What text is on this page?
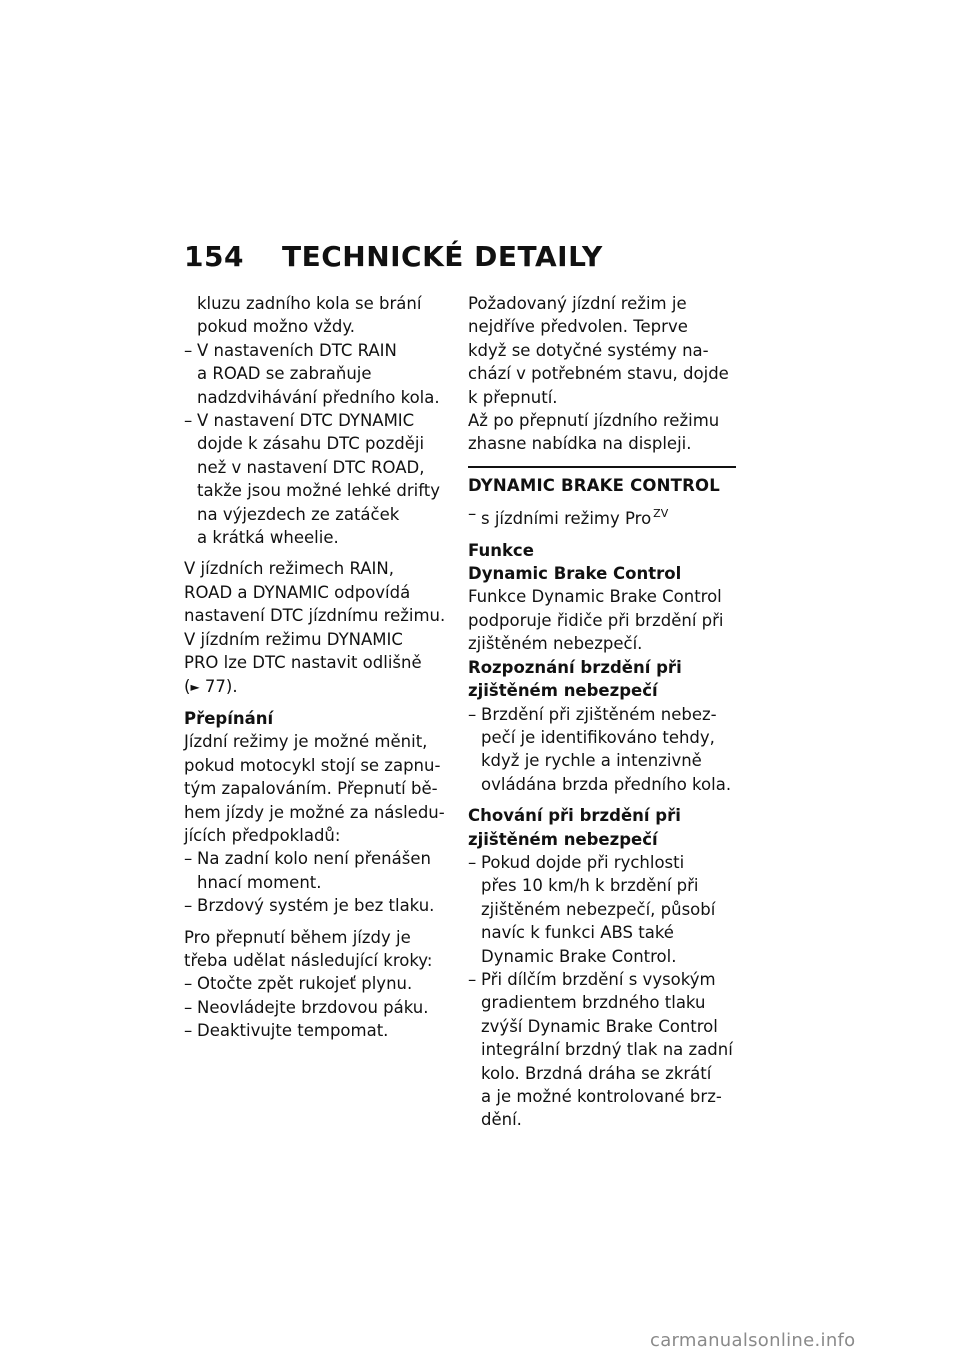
154 TECHNICKÉ DETAILY
kluzu zadního kola se brání
pokud možno vždy.
– V nastaveních DTC RAIN
a ROAD se zabraňuje
nadzdvihávání předního kola.
– V nastavení DTC DYNAMIC
dojde k zásahu DTC později
než v nastavení DTC ROAD,
takže jsou možné lehké drifty
na výjezdech ze zatáček
a krátká wheelie.
V jízdních režimech RAIN,
ROAD a DYNAMIC odpovídá
nastavení DTC jízdnímu režimu.
V jízdním režimu DYNAMIC
PRO lze DTC nastavit odlišně
(► 77).
Přepínání
Jízdní režimy je možné měnit,
pokud motocykl stojí se zapnu-
tým zapalováním. Přepnutí bě-
hem jízdy je možné za následu-
jících předpokladů:
– Na zadní kolo není přenášen
hnací moment.
– Brzdový systém je bez tlaku.
Pro přepnutí během jízdy je
třeba udělat následující kroky:
– Otočte zpět rukojeť plynu.
– Neovládejte brzdovou páku.
– Deaktivujte tempomat.
Požadovaný jízdní režim je
nejdříve předvolen. Teprve
když se dotyčné systémy na-
chází v potřebném stavu, dojde
k přepnutí.
Až po přepnutí jízdního režimu
zhasne nabídka na displeji.
DYNAMIC BRAKE CONTROL
– s jízdními režimy Pro $^{ZV}$
Funkce
Dynamic Brake Control
Funkce Dynamic Brake Control
podporuje řidiče při brzdění při
zjištěném nebezpečí.
Rozpoznání brzdění při
zjištěném nebezpečí
– Brzdění při zjištěném nebez-
pečí je identifikováno tehdy,
když je rychle a intenzivně
ovládána brzda předního kola.
Chování při brzdění při
zjištěném nebezpečí
– Pokud dojde při rychlosti
přes 10 km/h k brzdění při
zjištěném nebezpečí, působí
navíc k funkci ABS také
Dynamic Brake Control.
– Při dílčím brzdění s vysokým
gradientem brzdného tlaku
zvýší Dynamic Brake Control
integrální brzdný tlak na zadní
kolo. Brzdná dráha se zkrátí
a je možné kontrolované brz-
dění.
carmanualsonline.info
